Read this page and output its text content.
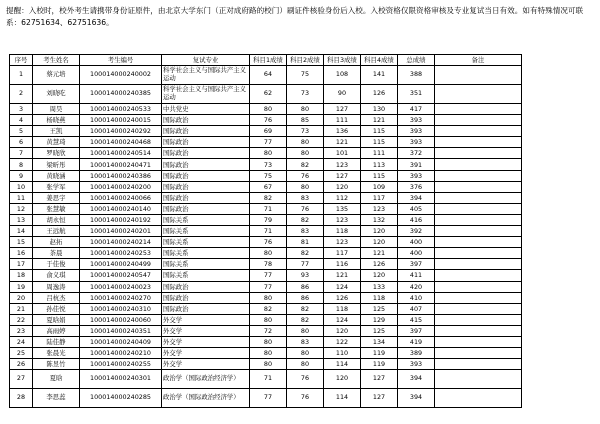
提醒：入校时，校外考生请携带身份证原件，由北京大学东门（正对成府路的校门）刷证件核验身份后入校。入校资格仅限资格审核及专业复试当日有效。如有特殊情况可联系：62751634、62751636。
序号	考生姓名	考生编号	复试专业	科目1成绩	科目2成绩	科目3成绩	科目4成绩	总成绩	备注
1	蔡元培	100014000240002	科学社会主义与国际共产主义运动	64	75	108	141	388	
2	刘晓吃	100014000240385	科学社会主义与国际共产主义运动	62	73	90	126	351	
3	周昊	100014000240533	中共党史	80	80	127	130	417	
4	杨晓燕	100014000240015	国际政治	76	85	111	121	393	
5	王凯	100014000240292	国际政治	69	73	136	115	393	
6	黄慧琦	100014000240468	国际政治	77	80	121	115	393	
7	罗晓欣	100014000240514	国际政治	80	80	101	111	372	
8	梁昕彤	100014000240471	国际政治	73	82	123	113	391	
9	黄晓涵	100014000240386	国际政治	75	76	127	115	393	
10	张学军	100014000240200	国际政治	67	80	120	109	376	
11	姜思宇	100014000240066	国际政治	82	83	112	117	394	
12	张慧敏	100014000240140	国际政治	71	76	135	123	405	
13	胡永恒	100014000240192	国际关系	79	82	123	132	416	
14	王远航	100014000240201	国际关系	71	83	118	120	392	
15	赵拓	100014000240214	国际关系	76	81	123	120	400	
16	茶晨	100014000240253	国际关系	80	82	117	121	400	
17	于佳俊	100014000240499	国际关系	78	77	116	126	397	
18	俞义琪	100014000240547	国际关系	77	93	121	120	411	
19	周逸涛	100014000240023	国际政治	77	86	124	133	420	
20	吕杭杰	100014000240270	国际政治	80	86	126	118	410	
21	孙佳悦	100014000240310	国际政治	82	82	118	125	407	
22	夏晗娟	100014000240060	外交学	80	82	124	129	415	
23	高雨婷	100014000240351	外交学	72	80	120	125	397	
24	陆佳静	100014000240409	外交学	80	83	122	134	419	
25	张晨光	100014000240210	外交学	80	80	110	119	389	
26	陈昱竹	100014000240255	外交学	80	80	114	119	393	
27	夏晗	100014000240301	政治学（国际政治经济学）	71	76	120	127	394	
28	李思蕊	100014000240285	政治学（国际政治经济学）	77	76	114	127	394	
